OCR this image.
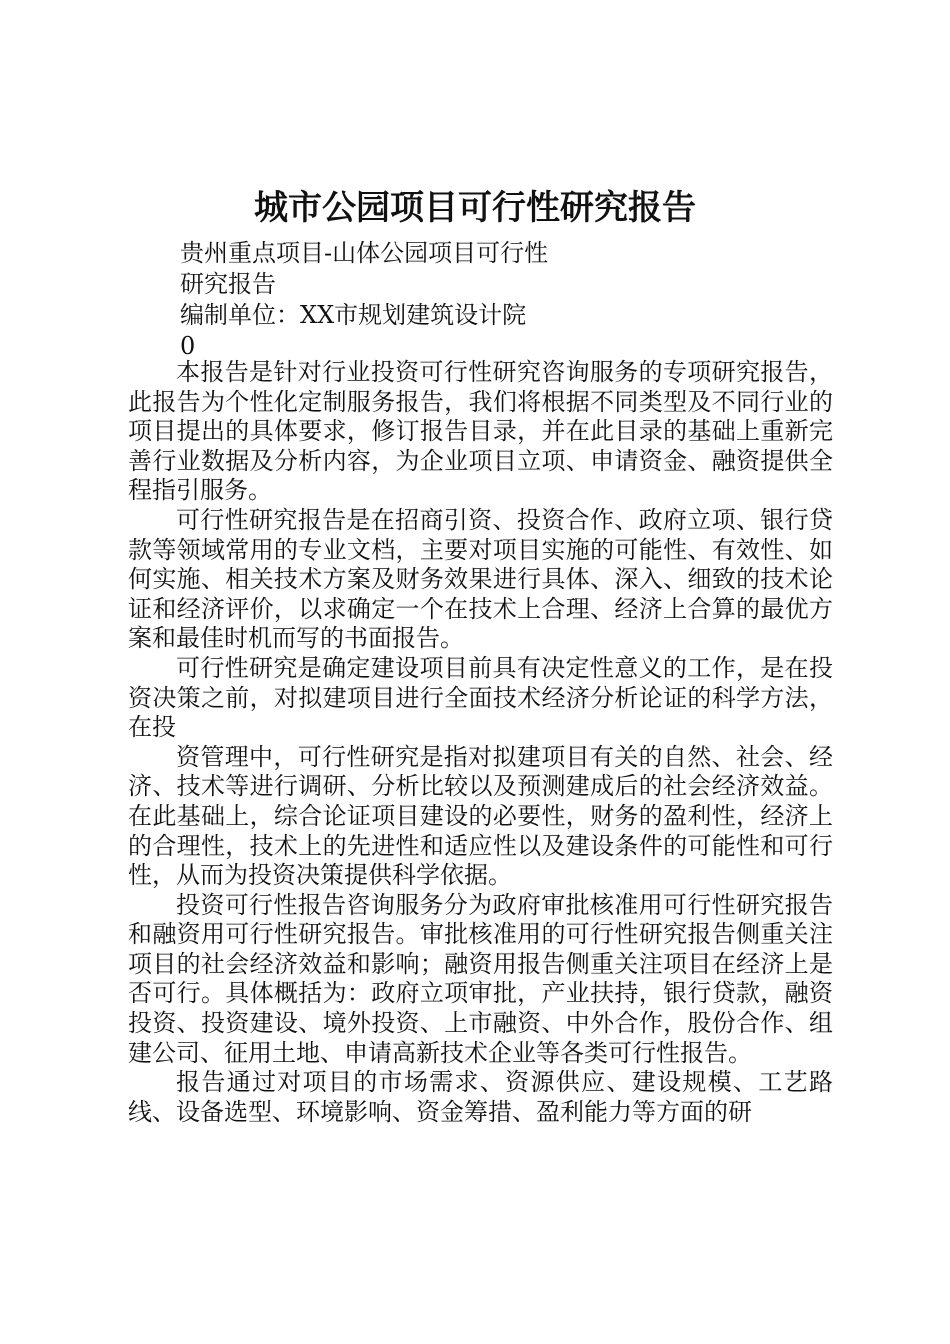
城市公园项目可行性研究报告
贵州重点项目-山体公园项目可行性
研究报告
编制单位：XX市规划建筑设计院
0

本报告是针对行业投资可行性研究咨询服务的专项研究报告，此报告为个性化定制服务报告，我们将根据不同类型及不同行业的项目提出的具体要求，修订报告目录，并在此目录的基础上重新完善行业数据及分析内容，为企业项目立项、申请资金、融资提供全程指引服务。

可行性研究报告是在招商引资、投资合作、政府立项、银行贷款等领域常用的专业文档，主要对项目实施的可能性、有效性、如何实施、相关技术方案及财务效果进行具体、深入、细致的技术论证和经济评价，以求确定一个在技术上合理、经济上合算的最优方案和最佳时机而写的书面报告。

可行性研究是确定建设项目前具有决定性意义的工作，是在投资决策之前，对拟建项目进行全面技术经济分析论证的科学方法，在投

资管理中，可行性研究是指对拟建项目有关的自然、社会、经济、技术等进行调研、分析比较以及预测建成后的社会经济效益。在此基础上，综合论证项目建设的必要性，财务的盈利性，经济上的合理性，技术上的先进性和适应性以及建设条件的可能性和可行性，从而为投资决策提供科学依据。

投资可行性报告咨询服务分为政府审批核准用可行性研究报告和融资用可行性研究报告。审批核准用的可行性研究报告侧重关注项目的社会经济效益和影响；融资用报告侧重关注项目在经济上是否可行。具体概括为：政府立项审批，产业扶持，银行贷款，融资投资、投资建设、境外投资、上市融资、中外合作，股份合作、组建公司、征用土地、申请高新技术企业等各类可行性报告。

报告通过对项目的市场需求、资源供应、建设规模、工艺路线、设备选型、环境影响、资金筹措、盈利能力等方面的研
